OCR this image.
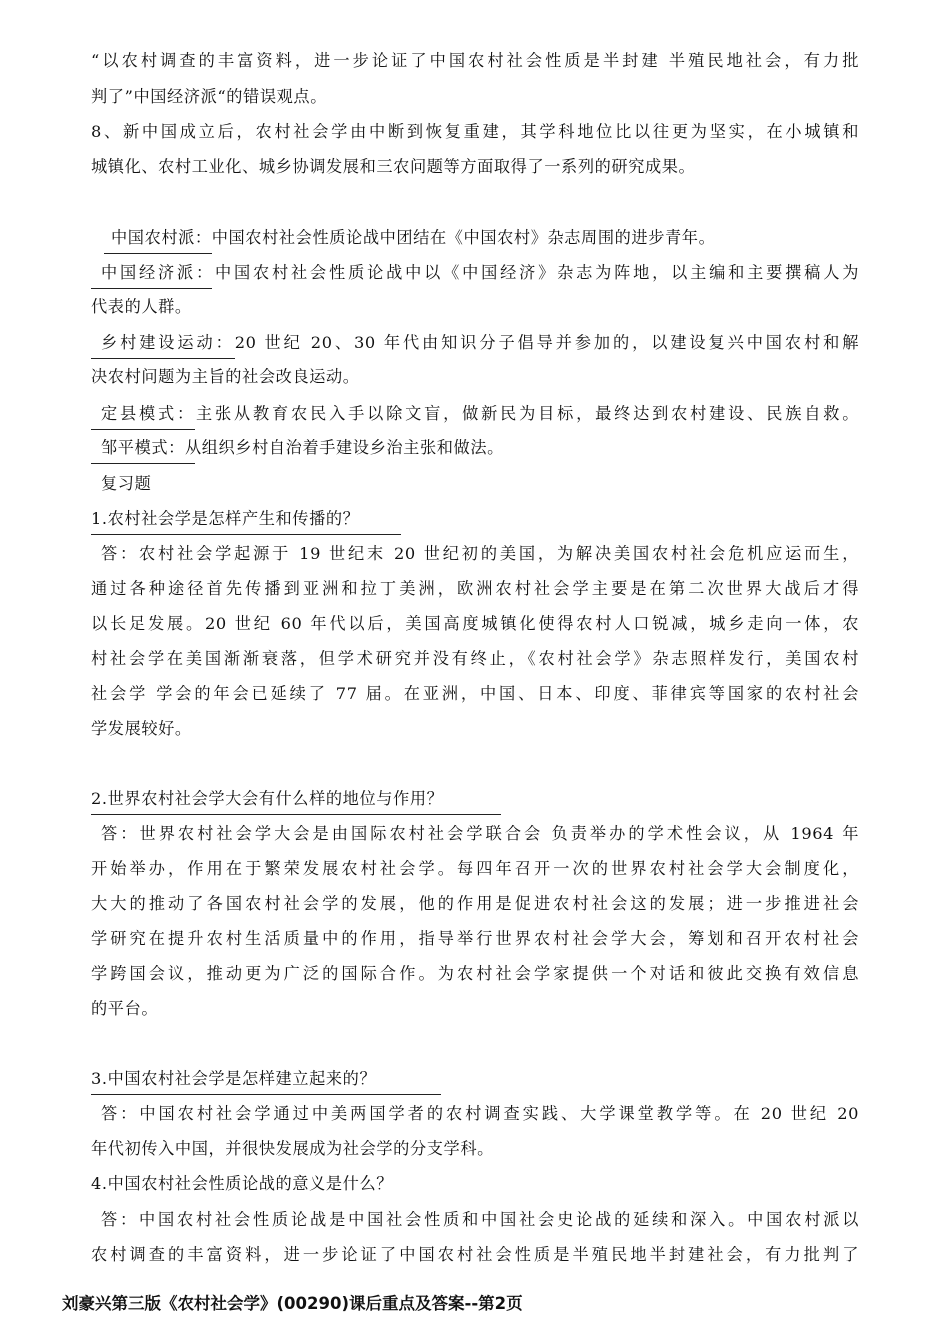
“以农村调查的丰富资料，进一步论证了中国农村社会性质是半封建 半殖民地社会，有力批
判了”中国经济派“的错误观点。
8、新中国成立后，农村社会学由中断到恢复重建，其学科地位比以往更为坚实，在小城镇和
城镇化、农村工业化、城乡协调发展和三农问题等方面取得了一系列的研究成果。
中国农村派：中国农村社会性质论战中团结在《中国农村》杂志周围的进步青年。
中国经济派：中国农村社会性质论战中以《中国经济》杂志为阵地，以主编和主要撰稿人为
代表的人群。
乡村建设运动：20 世纪 20、30 年代由知识分子倡导并参加的，以建设复兴中国农村和解
决农村问题为主旨的社会改良运动。
定县模式：主张从教育农民入手以除文盲，做新民为目标，最终达到农村建设、民族自救。
邹平模式：从组织乡村自治着手建设乡治主张和做法。
复习题
1.农村社会学是怎样产生和传播的？
答：农村社会学起源于 19 世纪末 20 世纪初的美国，为解决美国农村社会危机应运而生，
通过各种途径首先传播到亚洲和拉丁美洲，欧洲农村社会学主要是在第二次世界大战后才得
以长足发展。20 世纪 60 年代以后，美国高度城镇化使得农村人口锐减，城乡走向一体，农
村社会学在美国渐渐衰落，但学术研究并没有终止，《农村社会学》杂志照样发行，美国农村
社会学 学会的年会已延续了 77 届。在亚洲，中国、日本、印度、菲律宾等国家的农村社会
学发展较好。
2.世界农村社会学大会有什么样的地位与作用？
答：世界农村社会学大会是由国际农村社会学联合会 负责举办的学术性会议，从 1964 年
开始举办，作用在于繁荣发展农村社会学。每四年召开一次的世界农村社会学大会制度化，
大大的推动了各国农村社会学的发展，他的作用是促进农村社会这的发展；进一步推进社会
学研究在提升农村生活质量中的作用，指导举行世界农村社会学大会，筹划和召开农村社会
学跨国会议，推动更为广泛的国际合作。为农村社会学家提供一个对话和彼此交换有效信息
的平台。
3.中国农村社会学是怎样建立起来的？
答：中国农村社会学通过中美两国学者的农村调查实践、大学课堂教学等。在 20 世纪 20
年代初传入中国，并很快发展成为社会学的分支学科。
4.中国农村社会性质论战的意义是什么？
答：中国农村社会性质论战是中国社会性质和中国社会史论战的延续和深入。中国农村派以
农村调查的丰富资料，进一步论证了中国农村社会性质是半殖民地半封建社会，有力批判了
刘豪兴第三版《农村社会学》(00290)课后重点及答案--第2页
